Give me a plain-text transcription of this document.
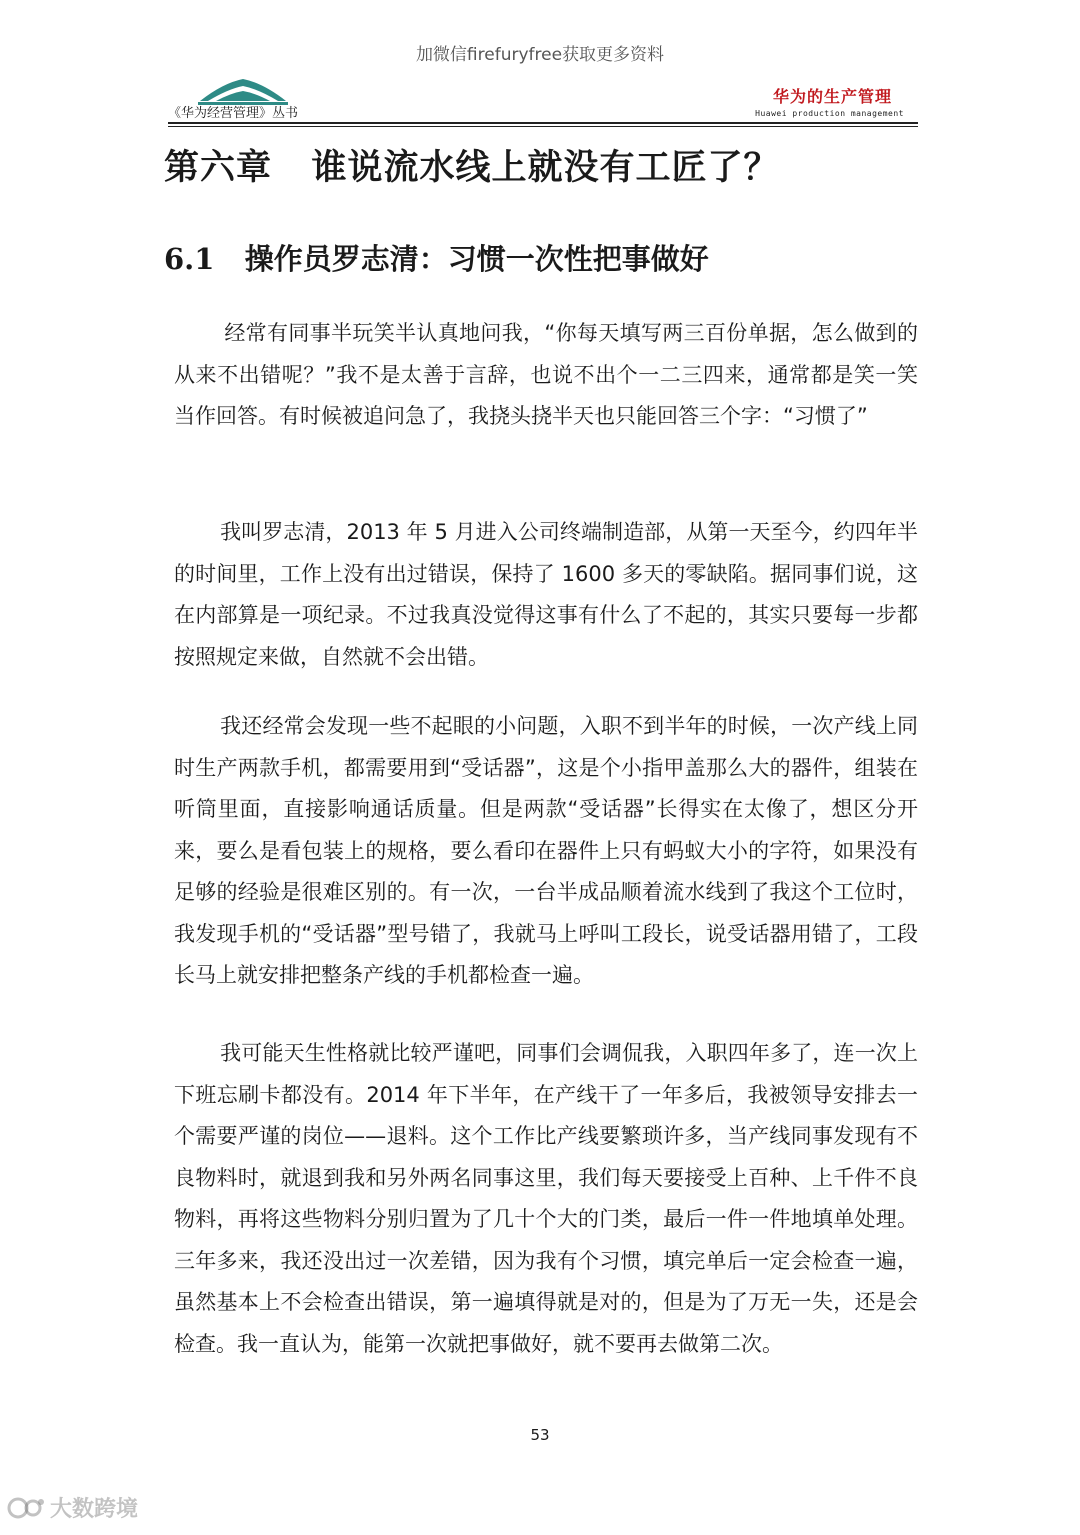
加微信firefuryfree获取更多资料
《华为经营管理》丛书
华为的生产管理
Huawei production management
第六章   谁说流水线上就没有工匠了？
6.1   操作员罗志清：习惯一次性把事做好

经常有同事半玩笑半认真地问我，“你每天填写两三百份单据，怎么做到的从来不出错呢？”我不是太善于言辞，也说不出个一二三四来，通常都是笑一笑当作回答。有时候被追问急了，我挠头挠半天也只能回答三个字：“习惯了”

我叫罗志清，2013 年 5 月进入公司终端制造部，从第一天至今，约四年半的时间里，工作上没有出过错误，保持了 1600 多天的零缺陷。据同事们说，这在内部算是一项纪录。不过我真没觉得这事有什么了不起的，其实只要每一步都按照规定来做，自然就不会出错。

我还经常会发现一些不起眼的小问题，入职不到半年的时候，一次产线上同时生产两款手机，都需要用到“受话器”，这是个小指甲盖那么大的器件，组装在听筒里面，直接影响通话质量。但是两款“受话器”长得实在太像了，想区分开来，要么是看包装上的规格，要么看印在器件上只有蚂蚁大小的字符，如果没有足够的经验是很难区别的。有一次，一台半成品顺着流水线到了我这个工位时，我发现手机的“受话器”型号错了，我就马上呼叫工段长，说受话器用错了，工段长马上就安排把整条产线的手机都检查一遍。

我可能天生性格就比较严谨吧，同事们会调侃我，入职四年多了，连一次上下班忘刷卡都没有。2014 年下半年，在产线干了一年多后，我被领导安排去一个需要严谨的岗位——退料。这个工作比产线要繁琐许多，当产线同事发现有不良物料时，就退到我和另外两名同事这里，我们每天要接受上百种、上千件不良物料，再将这些物料分别归置为了几十个大的门类，最后一件一件地填单处理。三年多来，我还没出过一次差错，因为我有个习惯，填完单后一定会检查一遍，虽然基本上不会检查出错误，第一遍填得就是对的，但是为了万无一失，还是会检查。我一直认为，能第一次就把事做好，就不要再去做第二次。

53
大数跨境
